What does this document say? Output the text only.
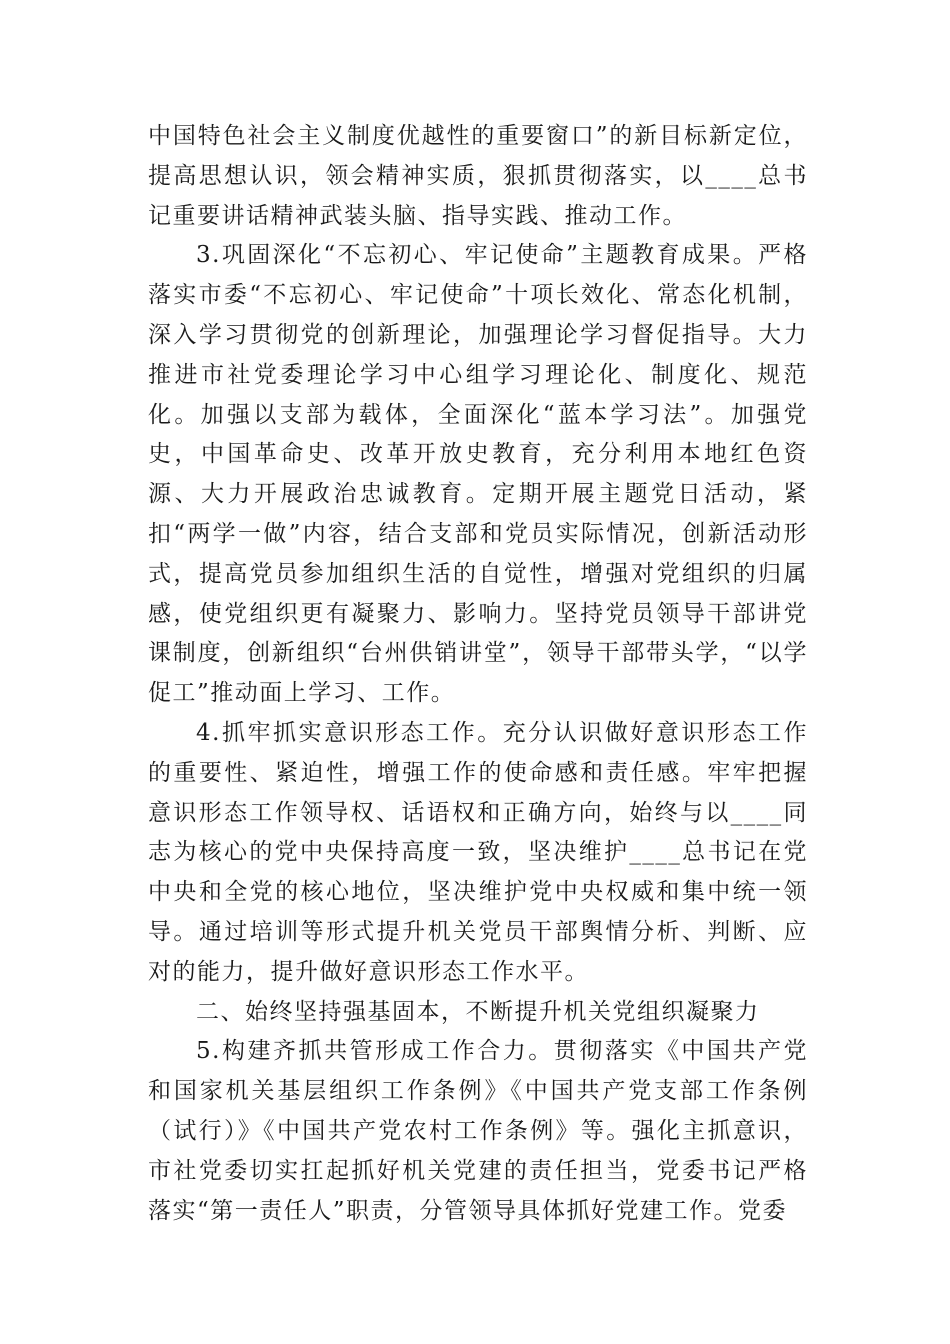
中国特色社会主义制度优越性的重要窗口”的新目标新定位，提高思想认识，领会精神实质，狠抓贯彻落实，以____总书记重要讲话精神武装头脑、指导实践、推动工作。

3.巩固深化“不忘初心、牢记使命”主题教育成果。严格落实市委“不忘初心、牢记使命”十项长效化、常态化机制，深入学习贯彻党的创新理论，加强理论学习督促指导。大力推进市社党委理论学习中心组学习理论化、制度化、规范化。加强以支部为载体，全面深化“蓝本学习法”。加强党史，中国革命史、改革开放史教育，充分利用本地红色资源、大力开展政治忠诚教育。定期开展主题党日活动，紧扣“两学一做”内容，结合支部和党员实际情况，创新活动形式，提高党员参加组织生活的自觉性，增强对党组织的归属感，使党组织更有凝聚力、影响力。坚持党员领导干部讲党课制度，创新组织“台州供销讲堂”，领导干部带头学，“以学促工”推动面上学习、工作。

4.抓牢抓实意识形态工作。充分认识做好意识形态工作的重要性、紧迫性，增强工作的使命感和责任感。牢牢把握意识形态工作领导权、话语权和正确方向，始终与以____同志为核心的党中央保持高度一致，坚决维护____总书记在党中央和全党的核心地位，坚决维护党中央权威和集中统一领导。通过培训等形式提升机关党员干部舆情分析、判断、应对的能力，提升做好意识形态工作水平。

二、始终坚持强基固本，不断提升机关党组织凝聚力

5.构建齐抓共管形成工作合力。贯彻落实《中国共产党和国家机关基层组织工作条例》《中国共产党支部工作条例（试行）》《中国共产党农村工作条例》等。强化主抓意识，市社党委切实扛起抓好机关党建的责任担当，党委书记严格落实“第一责任人”职责，分管领导具体抓好党建工作。党委
